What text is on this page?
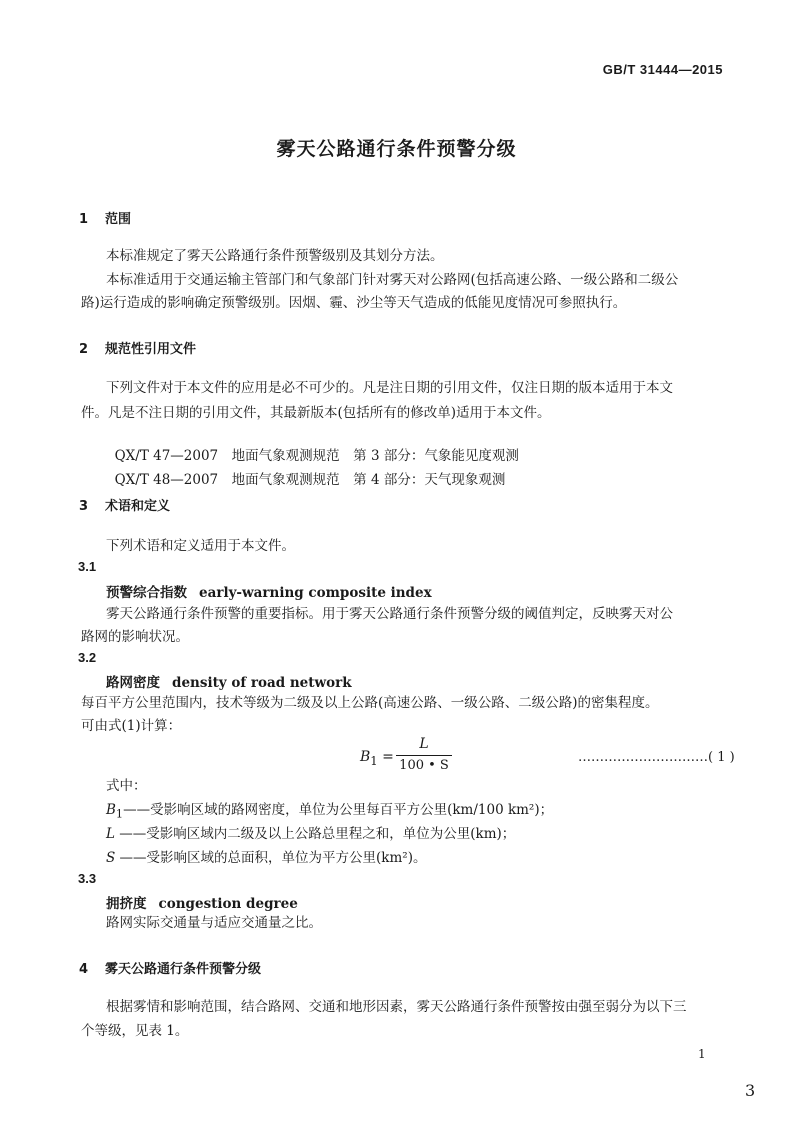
GB/T 31444—2015
雾天公路通行条件预警分级
1 范围
本标准规定了雾天公路通行条件预警级别及其划分方法。
本标准适用于交通运输主管部门和气象部门针对雾天对公路网(包括高速公路、一级公路和二级公
路)运行造成的影响确定预警级别。因烟、霾、沙尘等天气造成的低能见度情况可参照执行。
2 规范性引用文件
下列文件对于本文件的应用是必不可少的。凡是注日期的引用文件，仅注日期的版本适用于本文
件。凡是不注日期的引用文件，其最新版本(包括所有的修改单)适用于本文件。

QX/T 47—2007　 地面气象观测规范　 第 3 部分：气象能见度观测

QX/T 48—2007　 地面气象观测规范　 第 4 部分：天气现象观测

3 术语和定义
下列术语和定义适用于本文件。
3.1
预警综合指数 early-warning composite index
雾天公路通行条件预警的重要指标。用于雾天公路通行条件预警分级的阈值判定，反映雾天对公
路网的影响状况。
3.2
路网密度 density of road network
每百平方公里范围内，技术等级为二级及以上公路(高速公路、一级公路、二级公路)的密集程度。
可由式(1)计算：
$B_1$ =
L
100 • S
…………………………( 1 )
式中：
$B_1——$受影响区域的路网密度，单位为公里每百平方公里(km/100 km²)；
L ——受影响区域内二级及以上公路总里程之和，单位为公里(km)；
S ——受影响区域的总面积，单位为平方公里(km²)。
3.3
拥挤度 congestion degree
路网实际交通量与适应交通量之比。
4 雾天公路通行条件预警分级
根据雾情和影响范围，结合路网、交通和地形因素，雾天公路通行条件预警按由强至弱分为以下三
个等级，见表 1。
1
3
